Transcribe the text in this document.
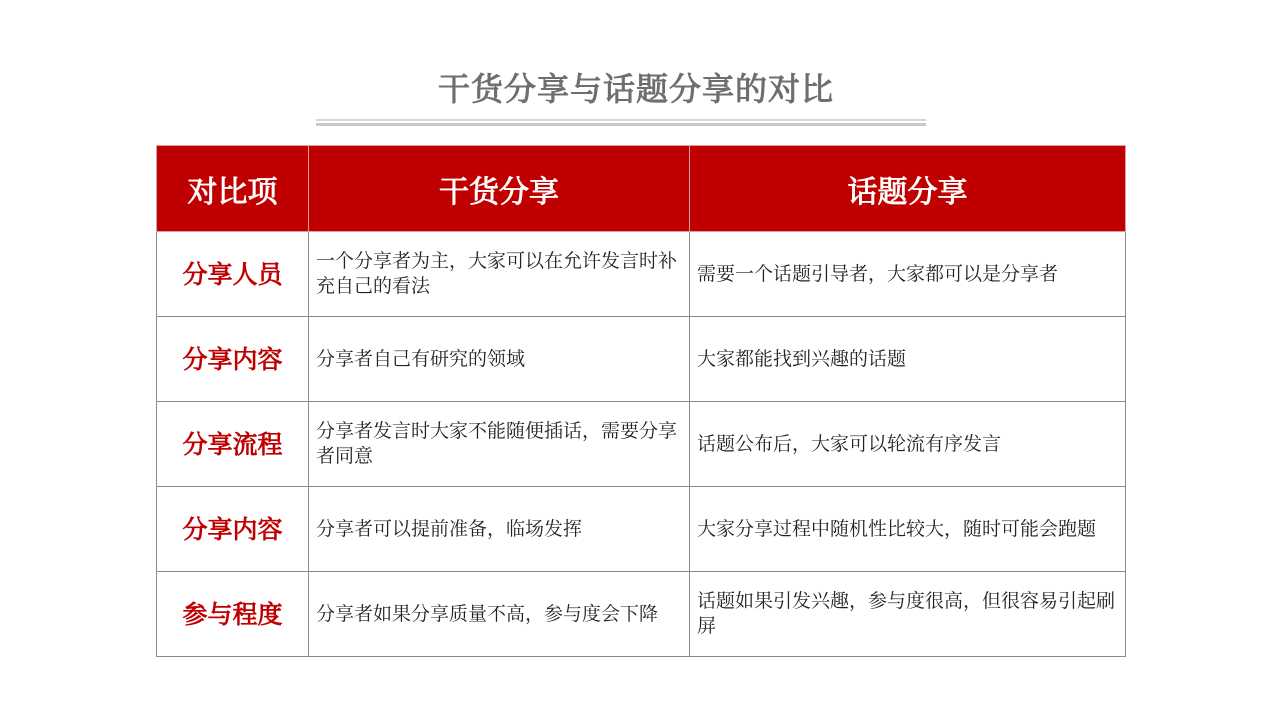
干货分享与话题分享的对比
对比项	干货分享	话题分享
分享人员	一个分享者为主，大家可以在允许发言时补充自己的看法	需要一个话题引导者，大家都可以是分享者
分享内容	分享者自己有研究的领域	大家都能找到兴趣的话题
分享流程	分享者发言时大家不能随便插话，需要分享者同意	话题公布后，大家可以轮流有序发言
分享内容	分享者可以提前准备，临场发挥	大家分享过程中随机性比较大，随时可能会跑题
参与程度	分享者如果分享质量不高，参与度会下降	话题如果引发兴趣，参与度很高，但很容易引起刷屏
